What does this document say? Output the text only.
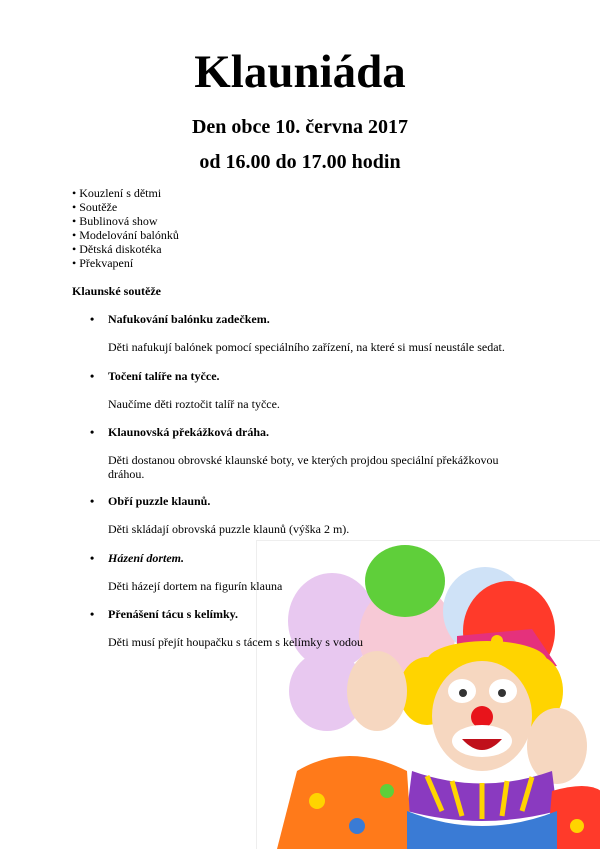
Klauniáda
Den obce 10. června 2017
od 16.00 do 17.00 hodin
• Kouzlení s dětmi
• Soutěže
• Bublinová show
• Modelování balónků
• Dětská diskotéka
• Překvapení
Klaunské soutěže
• Nafukování balónku zadečkem.
Děti nafukují balónek pomocí speciálního zařízení, na které si musí neustále sedat.
• Točení talíře na tyčce.
Naučíme děti roztočit talíř na tyčce.
• Klaunovská překážková dráha.
Děti dostanou obrovské klaunské boty, ve kterých projdou speciální překážkovou dráhou.
• Obří puzzle klaunů.
Děti skládají obrovská puzzle klaunů (výška 2 m).
• Házení dortem.
Děti házejí dortem na figurín klauna
• Přenášení tácu s kelímky.
Děti musí přejít houpačku s tácem s kelímky s vodou
